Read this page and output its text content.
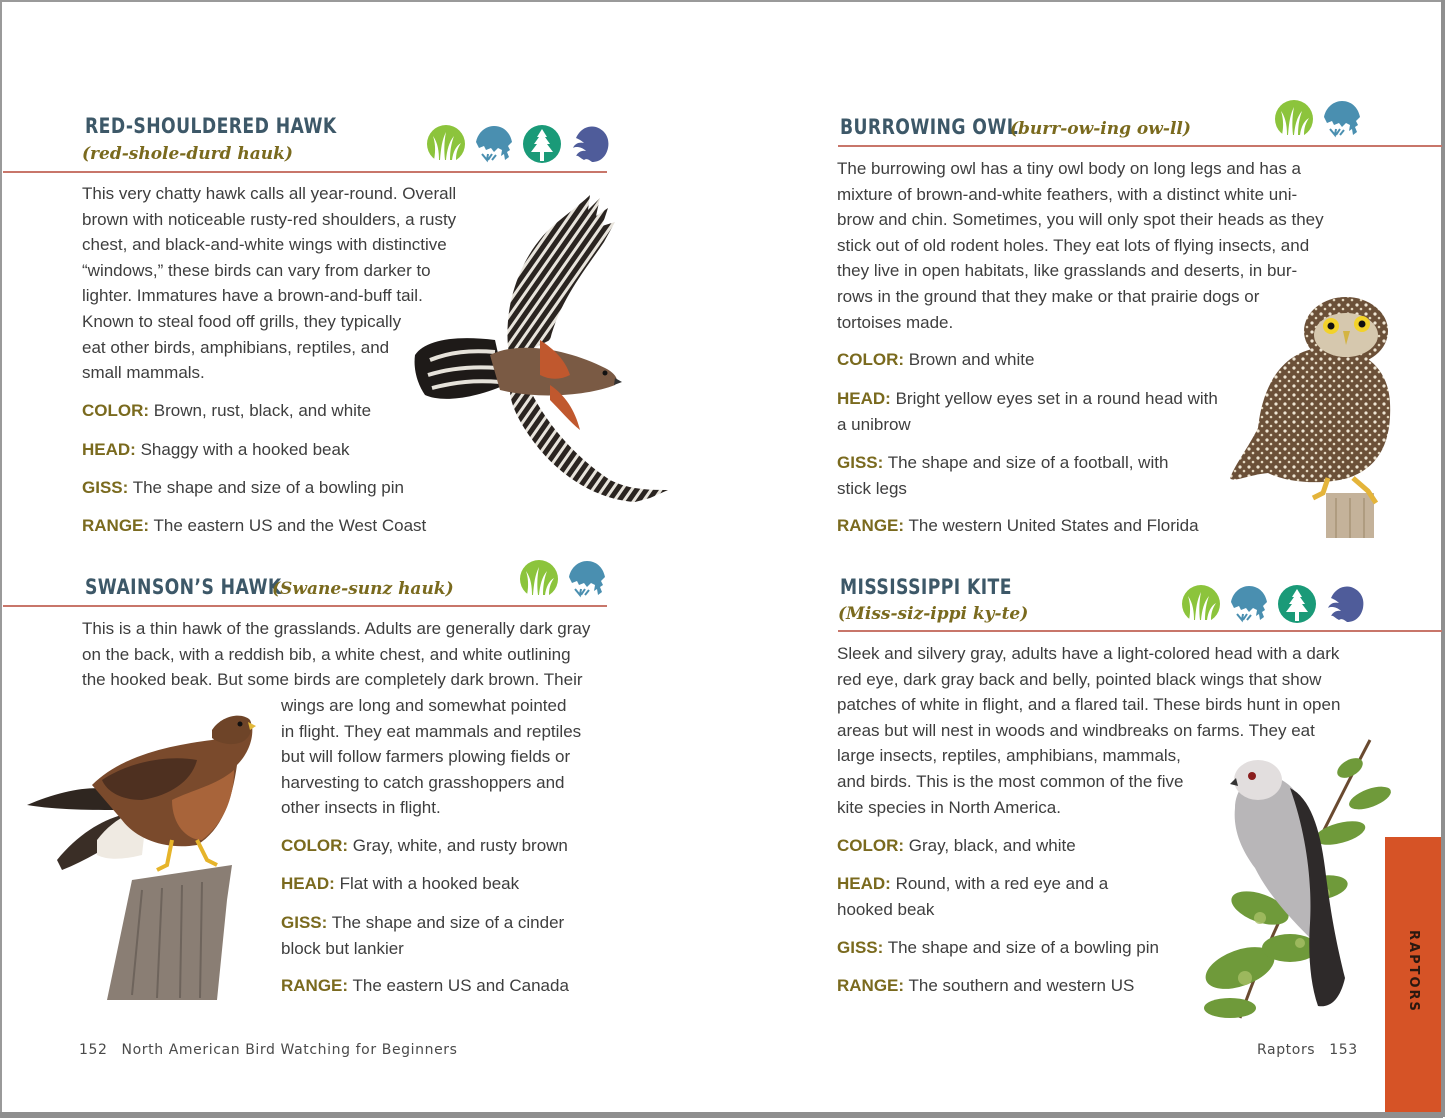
RED-SHOULDERED HAWK
(red-shole-durd hauk)
This very chatty hawk calls all year-round. Overall
brown with noticeable rusty-red shoulders, a rusty
chest, and black-and-white wings with distinctive
“windows,” these birds can vary from darker to
lighter. Immatures have a brown-and-buff tail.
Known to steal food off grills, they typically
eat other birds, amphibians, reptiles, and
small mammals.
COLOR: Brown, rust, black, and white
HEAD: Shaggy with a hooked beak
GISS: The shape and size of a bowling pin
RANGE: The eastern US and the West Coast
SWAINSON’S HAWK
(Swane-sunz hauk)
This is a thin hawk of the grasslands. Adults are generally dark gray
on the back, with a reddish bib, a white chest, and white outlining
the hooked beak. But some birds are completely dark brown. Their
wings are long and somewhat pointed
in flight. They eat mammals and reptiles
but will follow farmers plowing fields or
harvesting to catch grasshoppers and
other insects in flight.
COLOR: Gray, white, and rusty brown
HEAD: Flat with a hooked beak
GISS: The shape and size of a cinder
block but lankier
RANGE: The eastern US and Canada
152 North American Bird Watching for Beginners
BURROWING OWL
(burr-ow-ing ow-ll)
The burrowing owl has a tiny owl body on long legs and has a
mixture of brown-and-white feathers, with a distinct white uni-
brow and chin. Sometimes, you will only spot their heads as they
stick out of old rodent holes. They eat lots of flying insects, and
they live in open habitats, like grasslands and deserts, in bur-
rows in the ground that they make or that prairie dogs or
tortoises made.
COLOR: Brown and white
HEAD: Bright yellow eyes set in a round head with
a unibrow
GISS: The shape and size of a football, with
stick legs
RANGE: The western United States and Florida
MISSISSIPPI KITE
(Miss-siz-ippi ky-te)
Sleek and silvery gray, adults have a light-colored head with a dark
red eye, dark gray back and belly, pointed black wings that show
patches of white in flight, and a flared tail. These birds hunt in open
areas but will nest in woods and windbreaks on farms. They eat
large insects, reptiles, amphibians, mammals,
and birds. This is the most common of the five
kite species in North America.
COLOR: Gray, black, and white
HEAD: Round, with a red eye and a
hooked beak
GISS: The shape and size of a bowling pin
RANGE: The southern and western US
Raptors 153
RAPTORS
